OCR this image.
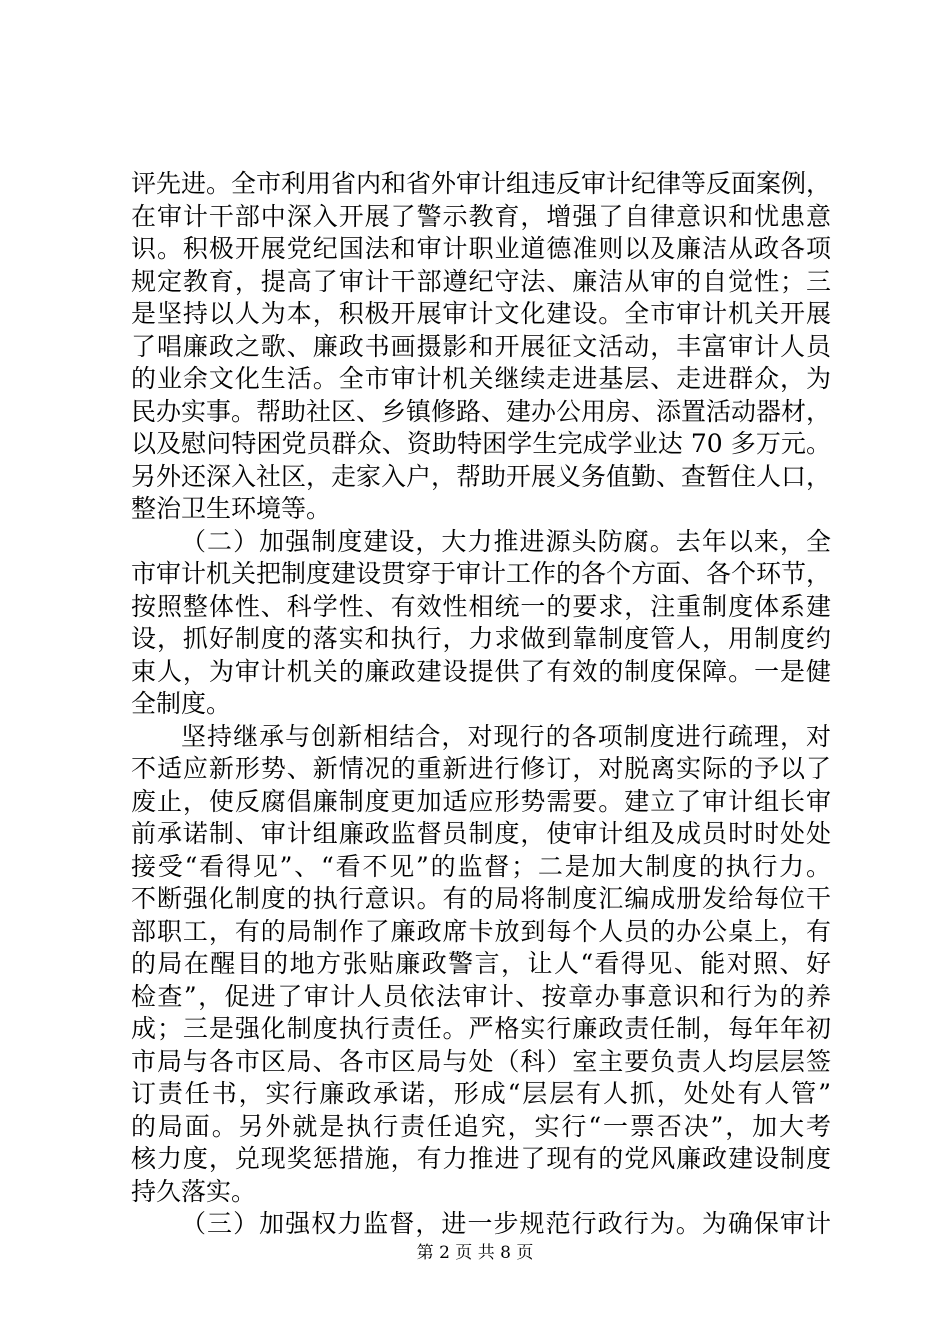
评先进。全市利用省内和省外审计组违反审计纪律等反面案例，
在审计干部中深入开展了警示教育，增强了自律意识和忧患意
识。积极开展党纪国法和审计职业道德准则以及廉洁从政各项
规定教育，提高了审计干部遵纪守法、廉洁从审的自觉性；三
是坚持以人为本，积极开展审计文化建设。全市审计机关开展
了唱廉政之歌、廉政书画摄影和开展征文活动，丰富审计人员
的业余文化生活。全市审计机关继续走进基层、走进群众，为
民办实事。帮助社区、乡镇修路、建办公用房、添置活动器材，
以及慰问特困党员群众、资助特困学生完成学业达 70 多万元。
另外还深入社区，走家入户，帮助开展义务值勤、查暂住人口，
整治卫生环境等。
（二）加强制度建设，大力推进源头防腐。去年以来，全
市审计机关把制度建设贯穿于审计工作的各个方面、各个环节，
按照整体性、科学性、有效性相统一的要求，注重制度体系建
设，抓好制度的落实和执行，力求做到靠制度管人，用制度约
束人，为审计机关的廉政建设提供了有效的制度保障。一是健
全制度。
坚持继承与创新相结合，对现行的各项制度进行疏理，对
不适应新形势、新情况的重新进行修订，对脱离实际的予以了
废止，使反腐倡廉制度更加适应形势需要。建立了审计组长审
前承诺制、审计组廉政监督员制度，使审计组及成员时时处处
接受“看得见”、“看不见”的监督；二是加大制度的执行力。
不断强化制度的执行意识。有的局将制度汇编成册发给每位干
部职工，有的局制作了廉政席卡放到每个人员的办公桌上，有
的局在醒目的地方张贴廉政警言，让人“看得见、能对照、好
检查”，促进了审计人员依法审计、按章办事意识和行为的养
成；三是强化制度执行责任。严格实行廉政责任制，每年年初
市局与各市区局、各市区局与处（科）室主要负责人均层层签
订责任书，实行廉政承诺，形成“层层有人抓，处处有人管”
的局面。另外就是执行责任追究，实行“一票否决”，加大考
核力度，兑现奖惩措施，有力推进了现有的党风廉政建设制度
持久落实。
（三）加强权力监督，进一步规范行政行为。为确保审计
第 2 页 共 8 页
